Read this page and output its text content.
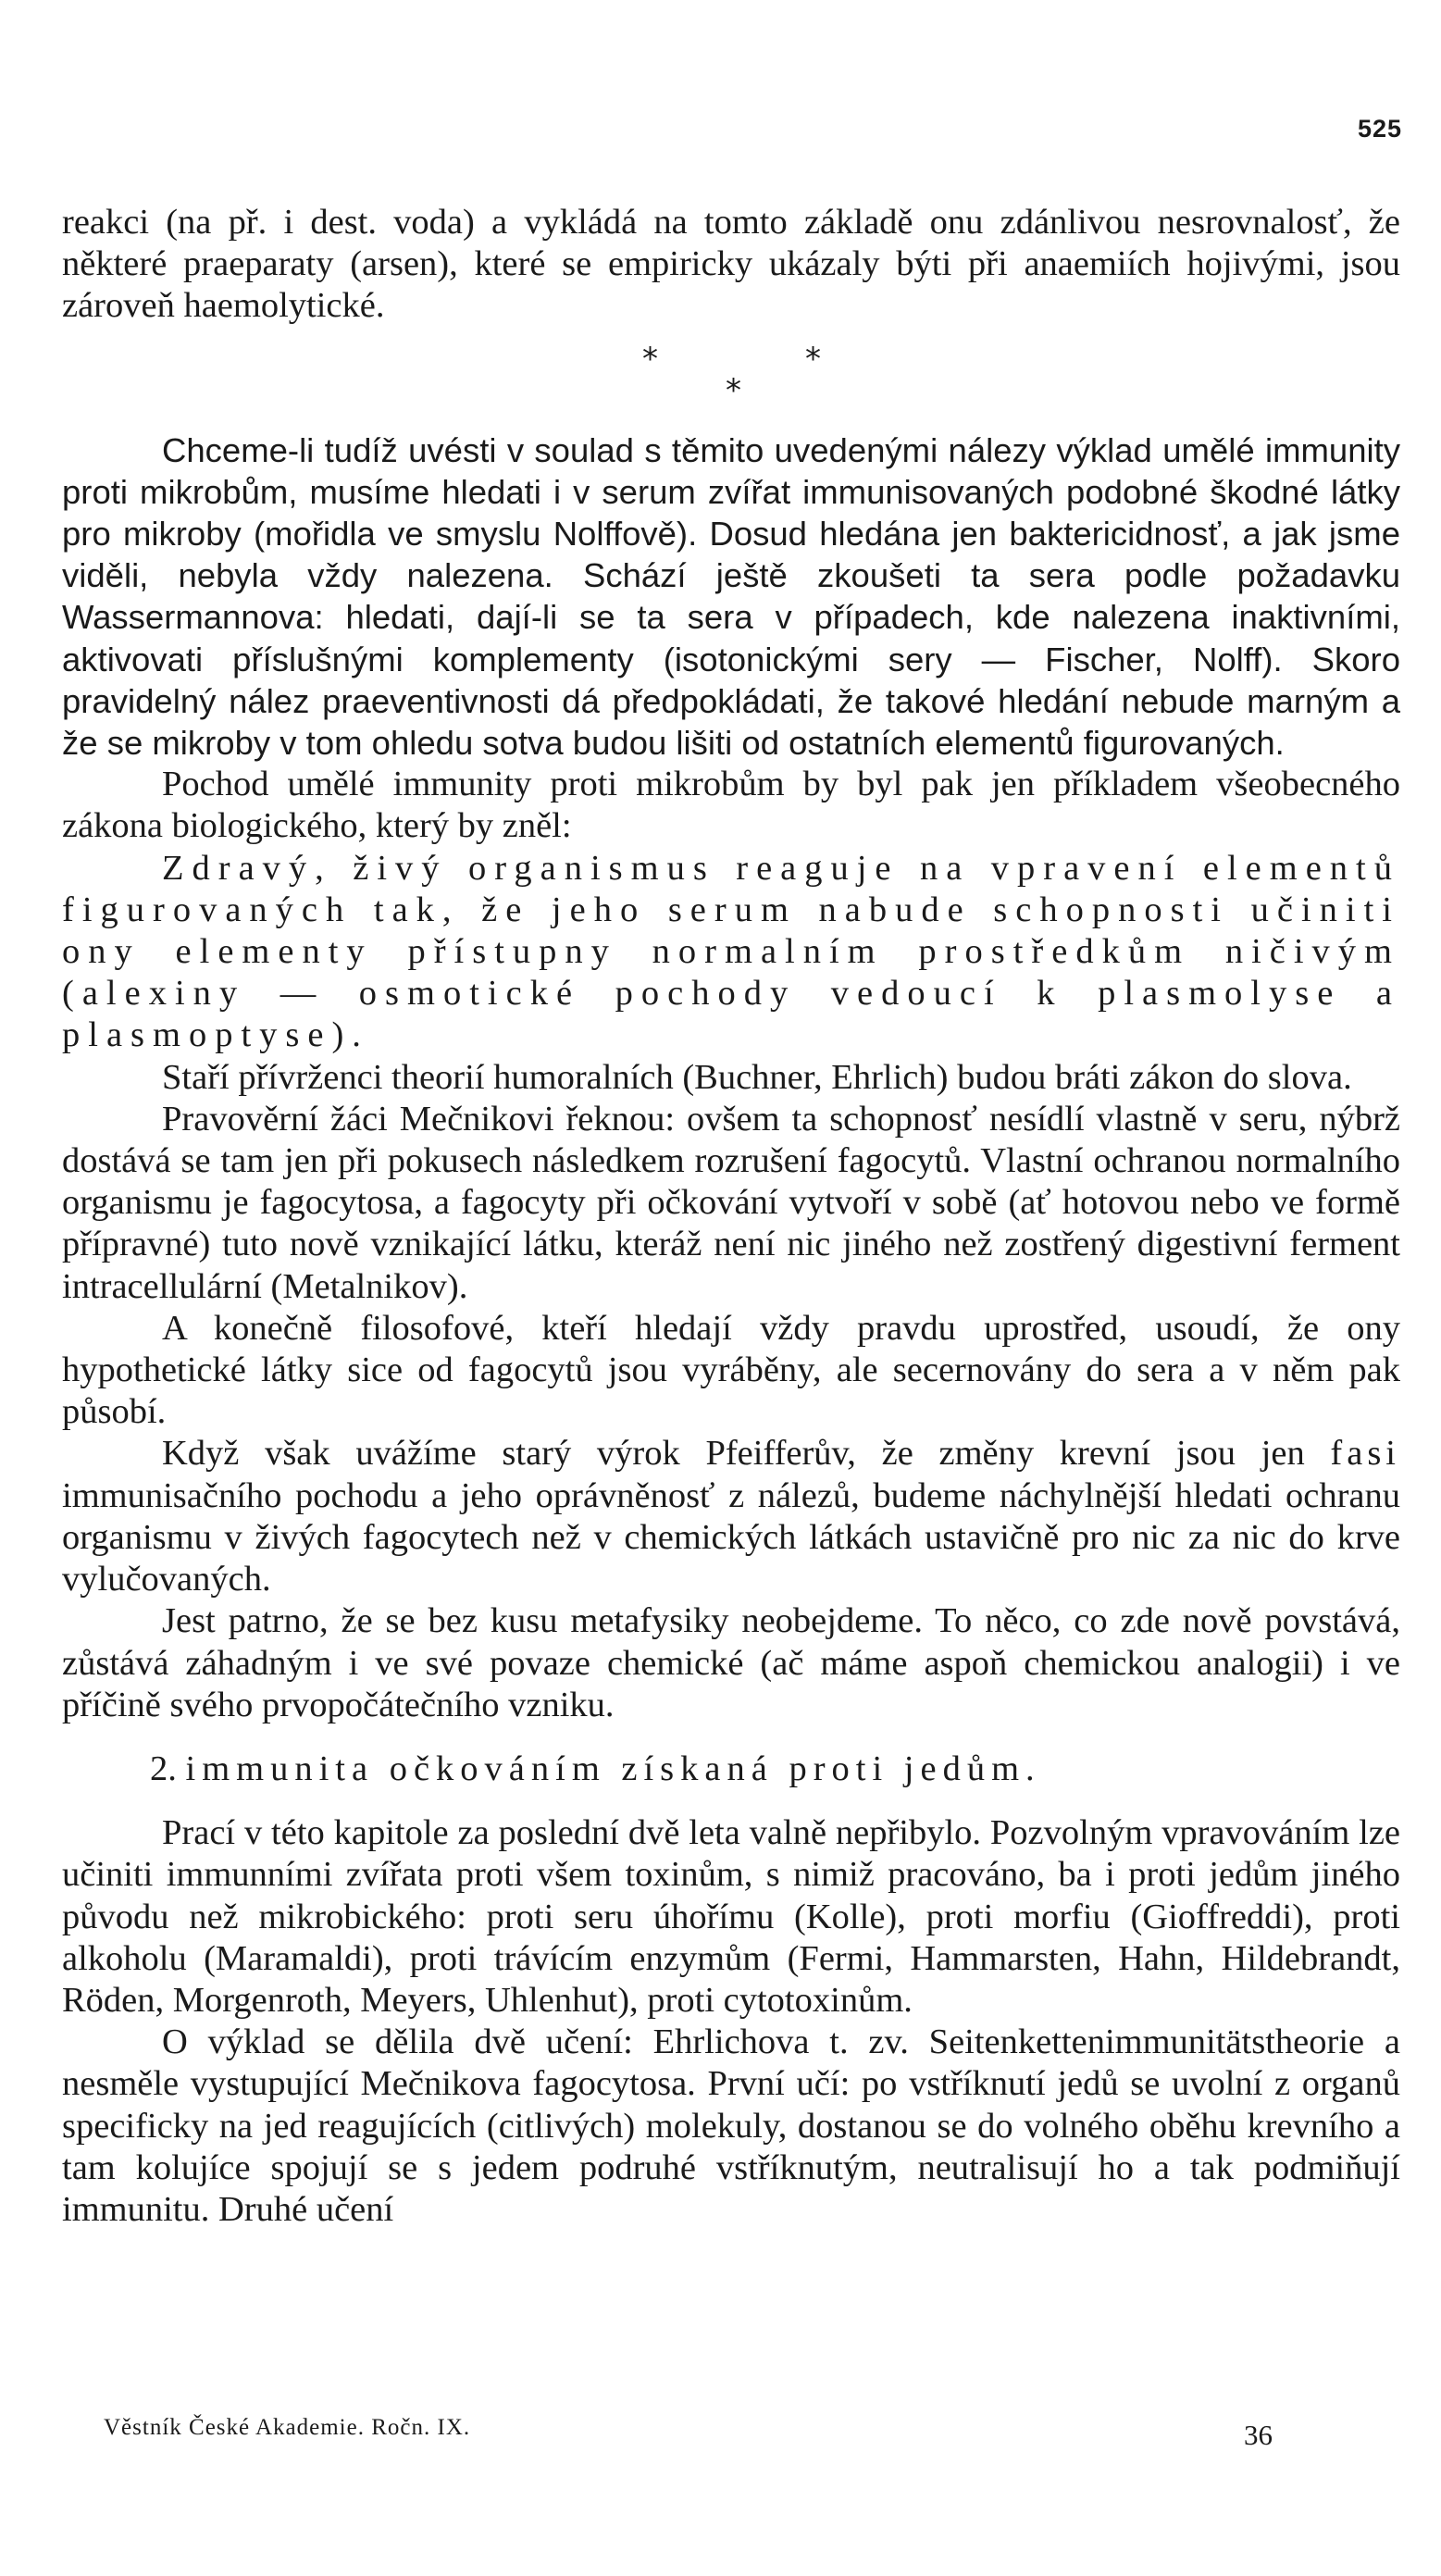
525

reakci (na př. i dest. voda) a vykládá na tomto základě onu zdánlivou nesrovnalosť, že některé praeparaty (arsen), které se empiricky ukázaly býti při anaemiích hojivými, jsou zároveň haemolytické.

*
*
*

Chceme-li tudíž uvésti v soulad s těmito uvedenými nálezy výklad umělé immunity proti mikrobům, musíme hledati i v serum zvířat immunisovaných podobné škodné látky pro mikroby (mořidla ve smyslu Nolffově). Dosud hledána jen baktericidnosť, a jak jsme viděli, nebyla vždy nalezena. Schází ještě zkoušeti ta sera podle požadavku Wassermannova: hledati, dají-li se ta sera v případech, kde nalezena inaktivními, aktivovati příslušnými komplementy (isotonickými sery — Fischer, Nolff). Skoro pravidelný nález praeventivnosti dá předpokládati, že takové hledání nebude marným a že se mikroby v tom ohledu sotva budou lišiti od ostatních elementů figurovaných.

Pochod umělé immunity proti mikrobům by byl pak jen příkladem všeobecného zákona biologického, který by zněl:

Zdravý, živý organismus reaguje na vpravení elementů figurovaných tak, že jeho serum nabude schopnosti učiniti ony elementy přístupny normalním prostředkům ničivým (alexiny — osmotické pochody vedoucí k plasmolyse a plasmoptyse).

Staří přívrženci theorií humoralních (Buchner, Ehrlich) budou bráti zákon do slova.

Pravověrní žáci Mečnikovi řeknou: ovšem ta schopnosť nesídlí vlastně v seru, nýbrž dostává se tam jen při pokusech následkem rozrušení fagocytů. Vlastní ochranou normalního organismu je fagocytosa, a fagocyty při očkování vytvoří v sobě (ať hotovou nebo ve formě přípravné) tuto nově vznikající látku, kteráž není nic jiného než zostřený digestivní ferment intracellulární (Metalnikov).

A konečně filosofové, kteří hledají vždy pravdu uprostřed, usoudí, že ony hypothetické látky sice od fagocytů jsou vyráběny, ale secernovány do sera a v něm pak působí.

Když však uvážíme starý výrok Pfeifferův, že změny krevní jsou jen fasi immunisačního pochodu a jeho oprávněnosť z nálezů, budeme náchylnější hledati ochranu organismu v živých fagocytech než v chemických látkách ustavičně pro nic za nic do krve vylučovaných.

Jest patrno, že se bez kusu metafysiky neobejdeme. To něco, co zde nově povstává, zůstává záhadným i ve své povaze chemické (ač máme aspoň chemickou analogii) i ve příčině svého prvopočátečního vzniku.

2. immunita očkováním získaná proti jedům.

Prací v této kapitole za poslední dvě leta valně nepřibylo. Pozvolným vpravováním lze učiniti immunními zvířata proti všem toxinům, s nimiž pracováno, ba i proti jedům jiného původu než mikrobického: proti seru úhořímu (Kolle), proti morfiu (Gioffreddi), proti alkoholu (Maramaldi), proti trávícím enzymům (Fermi, Hammarsten, Hahn, Hildebrandt, Röden, Morgenroth, Meyers, Uhlenhut), proti cytotoxinům.

O výklad se dělila dvě učení: Ehrlichova t. zv. Seitenkettenimmunitätstheorie a nesměle vystupující Mečnikova fagocytosa. První učí: po vstříknutí jedů se uvolní z organů specificky na jed reagujících (citlivých) molekuly, dostanou se do volného oběhu krevního a tam kolujíce spojují se s jedem podruhé vstříknutým, neutralisují ho a tak podmiňují immunitu. Druhé učení

Věstník České Akademie. Ročn. IX.	36
